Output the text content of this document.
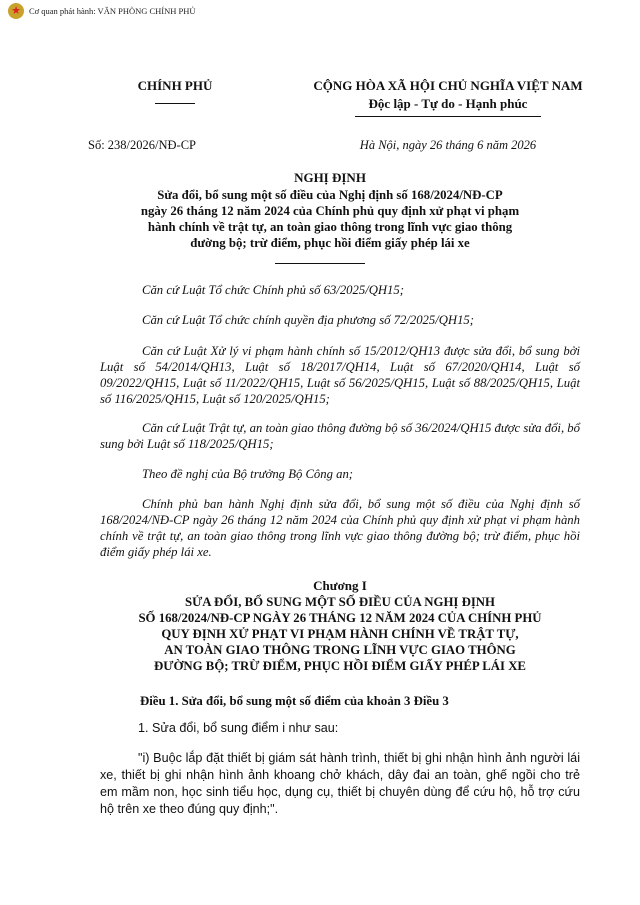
★
Cơ quan phát hành: VĂN PHÒNG CHÍNH PHỦ
CHÍNH PHỦ
Số: 238/2026/NĐ-CP
CỘNG HÒA XÃ HỘI CHỦ NGHĨA VIỆT NAM
Độc lập - Tự do - Hạnh phúc
Hà Nội, ngày 26 tháng 6 năm 2026
NGHỊ ĐỊNH
Sửa đổi, bổ sung một số điều của Nghị định số 168/2024/NĐ-CP
ngày 26 tháng 12 năm 2024 của Chính phủ quy định xử phạt vi phạm
hành chính về trật tự, an toàn giao thông trong lĩnh vực giao thông
đường bộ; trừ điểm, phục hồi điểm giấy phép lái xe

Căn cứ Luật Tổ chức Chính phủ số 63/2025/QH15;

Căn cứ Luật Tổ chức chính quyền địa phương số 72/2025/QH15;

Căn cứ Luật Xử lý vi phạm hành chính số 15/2012/QH13 được sửa đổi, bổ sung bởi Luật số 54/2014/QH13, Luật số 18/2017/QH14, Luật số 67/2020/QH14, Luật số 09/2022/QH15, Luật số 11/2022/QH15, Luật số 56/2025/QH15, Luật số 88/2025/QH15, Luật số 116/2025/QH15, Luật số 120/2025/QH15;

Căn cứ Luật Trật tự, an toàn giao thông đường bộ số 36/2024/QH15 được sửa đổi, bổ sung bởi Luật số 118/2025/QH15;

Theo đề nghị của Bộ trưởng Bộ Công an;

Chính phủ ban hành Nghị định sửa đổi, bổ sung một số điều của Nghị định số 168/2024/NĐ-CP ngày 26 tháng 12 năm 2024 của Chính phủ quy định xử phạt vi phạm hành chính về trật tự, an toàn giao thông trong lĩnh vực giao thông đường bộ; trừ điểm, phục hồi điểm giấy phép lái xe.

Chương I
SỬA ĐỔI, BỔ SUNG MỘT SỐ ĐIỀU CỦA NGHỊ ĐỊNH
SỐ 168/2024/NĐ-CP NGÀY 26 THÁNG 12 NĂM 2024 CỦA CHÍNH PHỦ
QUY ĐỊNH XỬ PHẠT VI PHẠM HÀNH CHÍNH VỀ TRẬT TỰ,
AN TOÀN GIAO THÔNG TRONG LĨNH VỰC GIAO THÔNG
ĐƯỜNG BỘ; TRỪ ĐIỂM, PHỤC HỒI ĐIỂM GIẤY PHÉP LÁI XE
Điều 1. Sửa đổi, bổ sung một số điểm của khoản 3 Điều 3

1. Sửa đổi, bổ sung điểm i như sau:

"i) Buộc lắp đặt thiết bị giám sát hành trình, thiết bị ghi nhận hình ảnh người lái xe, thiết bị ghi nhận hình ảnh khoang chở khách, dây đai an toàn, ghế ngồi cho trẻ em mầm non, học sinh tiểu học, dụng cụ, thiết bị chuyên dùng để cứu hộ, hỗ trợ cứu hộ trên xe theo đúng quy định;".
